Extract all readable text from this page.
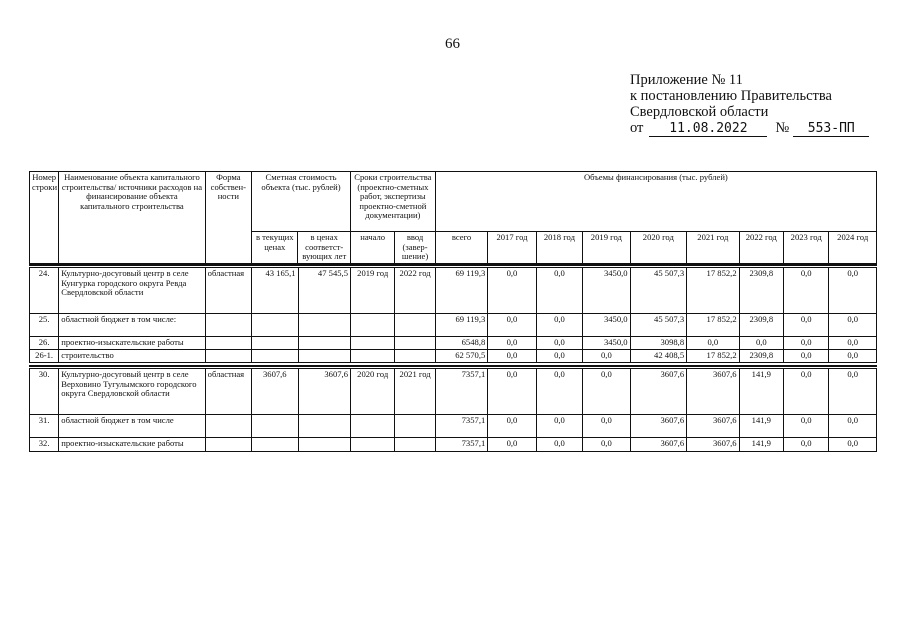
66
Приложение № 11
к постановлению Правительства
Свердловской области
от 11.08.2022 № 553-ПП
Номер строки	Наименование объекта капитального строительства/ источники расходов на финансирование объекта капитального строительства	Форма собствен-ности	Сметная стоимость объекта (тыс. рублей)		Сроки строительства (проектно-сметных работ, экспертизы проектно-сметной документации)		Объемы финансирования (тыс. рублей)								
			в текущих ценах	в ценах соответст-вующих лет	начало	ввод (завер-шение)	всего	2017 год	2018 год	2019 год	2020 год	2021 год	2022 год	2023 год	2024 год
24.	Культурно-досуговый центр в селе Кунгурка городского округа Ревда Свердловской области	областная	43 165,1	47 545,5	2019 год	2022 год	69 119,3	0,0	0,0	3450,0	45 507,3	17 852,2	2309,8	0,0	0,0
25.	областной бюджет в том числе:						69 119,3	0,0	0,0	3450,0	45 507,3	17 852,2	2309,8	0,0	0,0
26.	проектно-изыскательские работы						6548,8	0,0	0,0	3450,0	3098,8	0,0	0,0	0,0	0,0
26-1.	строительство						62 570,5	0,0	0,0	0,0	42 408,5	17 852,2	2309,8	0,0	0,0
30.	Культурно-досуговый центр в селе Верховино Тугулымского городского округа Свердловской области	областная	3607,6	3607,6	2020 год	2021 год	7357,1	0,0	0,0	0,0	3607,6	3607,6	141,9	0,0	0,0
31.	областной бюджет в том числе						7357,1	0,0	0,0	0,0	3607,6	3607,6	141,9	0,0	0,0
32.	проектно-изыскательские работы						7357,1	0,0	0,0	0,0	3607,6	3607,6	141,9	0,0	0,0
